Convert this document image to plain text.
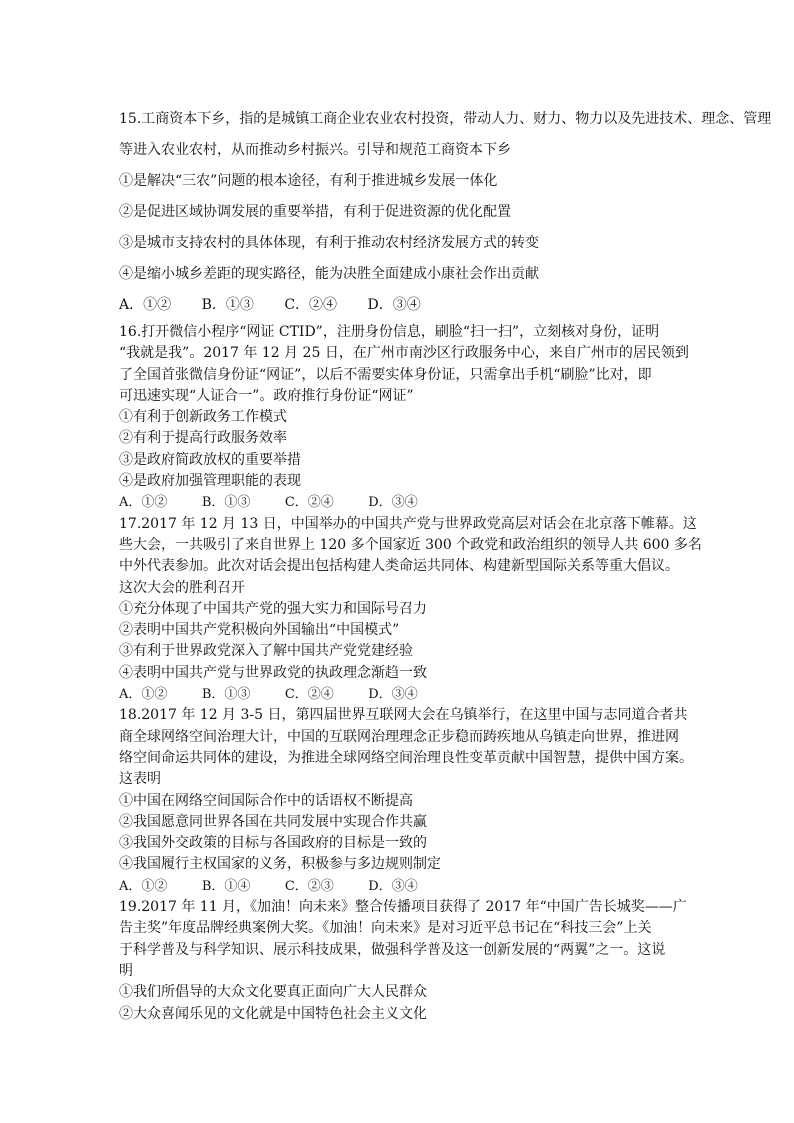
15.工商资本下乡，指的是城镇工商企业农业农村投资，带动人力、财力、物力以及先进技术、理念、管理
等进入农业农村，从而推动乡村振兴。引导和规范工商资本下乡
①是解决“三农”问题的根本途径，有利于推进城乡发展一体化
②是促进区域协调发展的重要举措，有利于促进资源的优化配置
③是城市支持农村的具体体现，有利于推动农村经济发展方式的转变
④是缩小城乡差距的现实路径，能为决胜全面建成小康社会作出贡献
A．①② B．①③ C．②④ D．③④
16.打开微信小程序“网证 CTID”，注册身份信息，刷脸“扫一扫”，立刻核对身份，证明
“我就是我”。2017 年 12 月 25 日，在广州市南沙区行政服务中心，来自广州市的居民领到
了全国首张微信身份证“网证”，以后不需要实体身份证，只需拿出手机“刷脸”比对，即
可迅速实现“人证合一”。政府推行身份证“网证”
①有利于创新政务工作模式
②有利于提高行政服务效率
③是政府简政放权的重要举措
④是政府加强管理职能的表现
A．①②	B．①③	C．②④	D．③④
17.2017 年 12 月 13 日，中国举办的中国共产党与世界政党高层对话会在北京落下帷幕。这
些大会，一共吸引了来自世界上 120 多个国家近 300 个政党和政治组织的领导人共 600 多名
中外代表参加。此次对话会提出包括构建人类命运共同体、构建新型国际关系等重大倡议。
这次大会的胜利召开
①充分体现了中国共产党的强大实力和国际号召力
②表明中国共产党积极向外国输出“中国模式”
③有利于世界政党深入了解中国共产党党建经验
④表明中国共产党与世界政党的执政理念渐趋一致
A．①②	B．①③	C．②④	D．③④
18.2017 年 12 月 3-5 日，第四届世界互联网大会在乌镇举行，在这里中国与志同道合者共
商全球网络空间治理大计，中国的互联网治理理念正步稳而踌疾地从乌镇走向世界，推进网
络空间命运共同体的建设，为推进全球网络空间治理良性变革贡献中国智慧，提供中国方案。
这表明
①中国在网络空间国际合作中的话语权不断提高
②我国愿意同世界各国在共同发展中实现合作共赢
③我国外交政策的目标与各国政府的目标是一致的
④我国履行主权国家的义务，积极参与多边规则制定
A．①②	B．①④	C．②③	D．③④
19.2017 年 11 月，《加油！向未来》整合传播项目获得了 2017 年“中国广告长城奖——广
告主奖”年度品牌经典案例大奖。《加油！向未来》是对习近平总书记在“科技三会”上关
于科学普及与科学知识、展示科技成果，做强科学普及这一创新发展的“两翼”之一。这说
明
①我们所倡导的大众文化要真正面向广大人民群众
②大众喜闻乐见的文化就是中国特色社会主义文化
